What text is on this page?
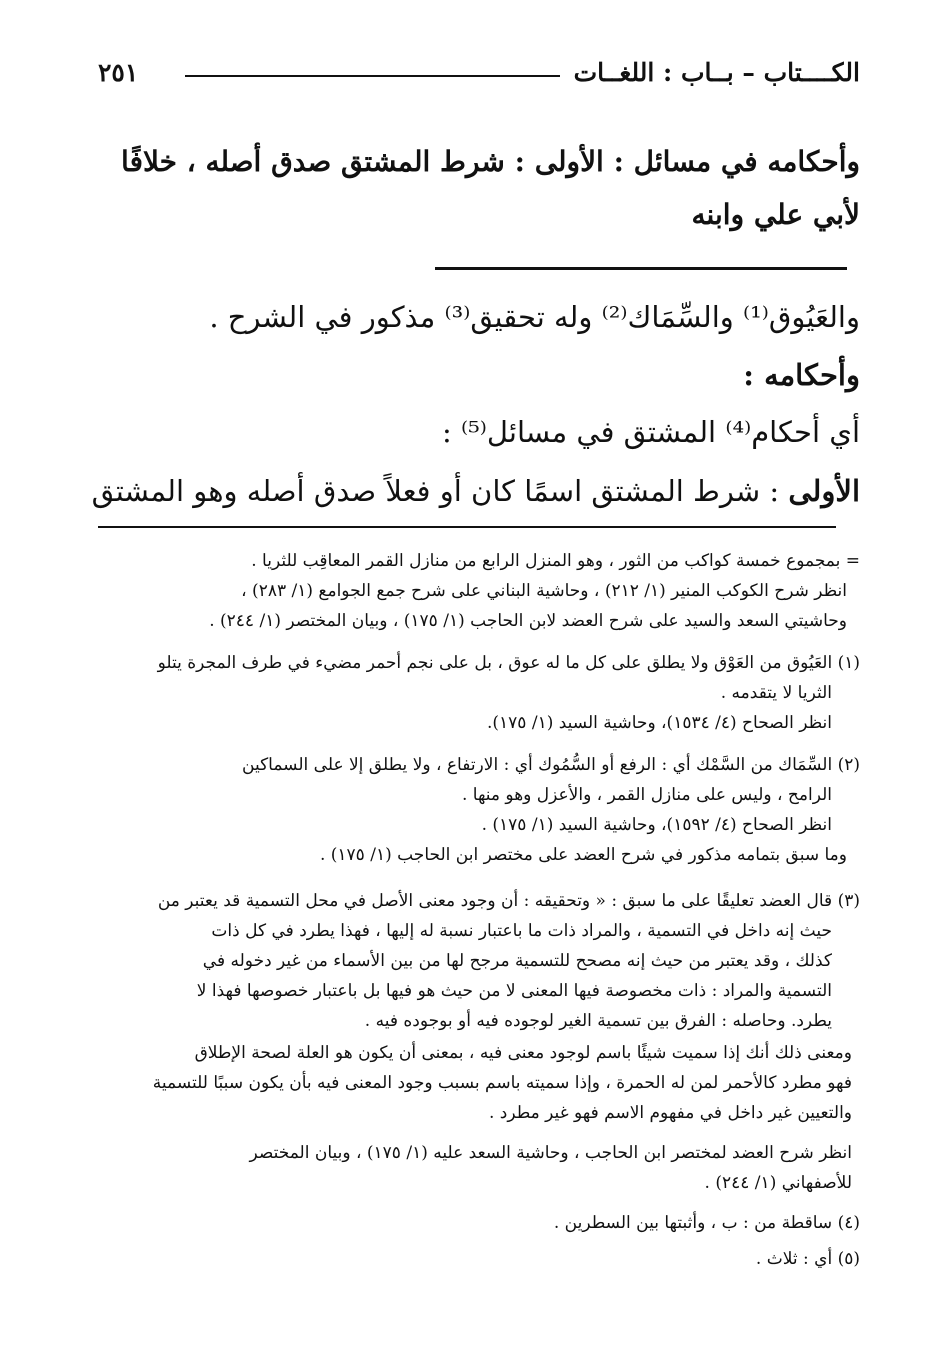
الكــــتاب – بــاب : اللغــات
٢٥١
وأحكامه في مسائل : الأولى : شرط المشتق صدق أصله ، خلافًا
لأبي علي وابنه
والعَيُوق⁽¹⁾ والسِّمَاك⁽²⁾ وله تحقيق⁽³⁾ مذكور في الشرح .
وأحكامه :
أي أحكام⁽⁴⁾ المشتق في مسائل⁽⁵⁾ :
الأولى : شرط المشتق اسمًا كان أو فعلاً صدق أصله وهو المشتق
= بمجموع خمسة كواكب من الثور ، وهو المنزل الرابع من منازل القمر المعاقِب للثريا .
انظر شرح الكوكب المنير (١/ ٢١٢) ، وحاشية البناني على شرح جمع الجوامع (١/ ٢٨٣) ،
وحاشيتي السعد والسيد على شرح العضد لابن الحاجب (١/ ١٧٥) ، وبيان المختصر (١/ ٢٤٤) .
(١) العَيُوق من العَوْق ولا يطلق على كل ما له عوق ، بل على نجم أحمر مضيء في طرف المجرة يتلو
الثريا لا يتقدمه .
انظر الصحاح (٤/ ١٥٣٤)، وحاشية السيد (١/ ١٧٥).
(٢) السِّمَاك من السَّمْك أي : الرفع أو السُّمُوك أي : الارتفاع ، ولا يطلق إلا على السماكين
الرامح ، وليس على منازل القمر ، والأعزل وهو منها .
انظر الصحاح (٤/ ١٥٩٢)، وحاشية السيد (١/ ١٧٥) .
وما سبق بتمامه مذكور في شرح العضد على مختصر ابن الحاجب (١/ ١٧٥) .
(٣) قال العضد تعليقًا على ما سبق : « وتحقيقه : أن وجود معنى الأصل في محل التسمية قد يعتبر من
حيث إنه داخل في التسمية ، والمراد ذات ما باعتبار نسبة له إليها ، فهذا يطرد في كل ذات
كذلك ، وقد يعتبر من حيث إنه مصحح للتسمية مرجح لها من بين الأسماء من غير دخوله في
التسمية والمراد : ذات مخصوصة فيها المعنى لا من حيث هو فيها بل باعتبار خصوصها فهذا لا
يطرد. وحاصله : الفرق بين تسمية الغير لوجوده فيه أو بوجوده فيه .
ومعنى ذلك أنك إذا سميت شيئًا باسم لوجود معنى فيه ، بمعنى أن يكون هو العلة لصحة الإطلاق
فهو مطرد كالأحمر لمن له الحمرة ، وإذا سميته باسم بسبب وجود المعنى فيه بأن يكون سببًا للتسمية
والتعيين غير داخل في مفهوم الاسم فهو غير مطرد .
انظر شرح العضد لمختصر ابن الحاجب ، وحاشية السعد عليه (١/ ١٧٥) ، وبيان المختصر
للأصفهاني (١/ ٢٤٤) .
(٤) ساقطة من : ب ، وأثبتها بين السطرين .
(٥) أي : ثلاث .
